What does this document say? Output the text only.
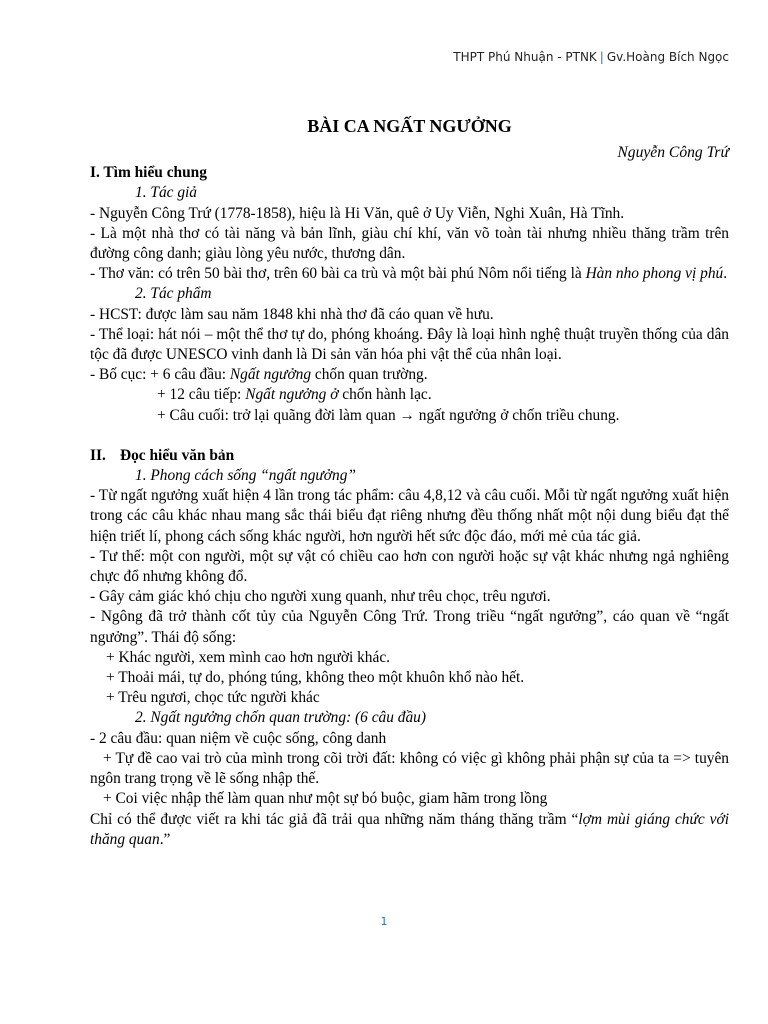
THPT Phú Nhuận - PTNK | Gv.Hoàng Bích Ngọc

BÀI CA NGẤT NGƯỞNG

Nguyễn Công Trứ

I. Tìm hiểu chung

1. Tác giả

- Nguyễn Công Trứ (1778-1858), hiệu là Hi Văn, quê ở Uy Viễn, Nghi Xuân, Hà Tĩnh.

- Là một nhà thơ có tài năng và bản lĩnh, giàu chí khí, văn võ toàn tài nhưng nhiều thăng trầm trên đường công danh; giàu lòng yêu nước, thương dân.

- Thơ văn: có trên 50 bài thơ, trên 60 bài ca trù và một bài phú Nôm nổi tiếng là Hàn nho phong vị phú.

2. Tác phẩm

- HCST: được làm sau năm 1848 khi nhà thơ đã cáo quan về hưu.

- Thể loại: hát nói – một thể thơ tự do, phóng khoáng. Đây là loại hình nghệ thuật truyền thống của dân tộc đã được UNESCO vinh danh là Di sản văn hóa phi vật thể của nhân loại.

- Bố cục: + 6 câu đầu: Ngất ngưởng chốn quan trường.

+ 12 câu tiếp: Ngất ngưởng ở chốn hành lạc.

+ Câu cuối: trở lại quãng đời làm quan → ngất ngưởng ở chốn triều chung.

II. Đọc hiểu văn bản

1. Phong cách sống “ngất ngưởng”

- Từ ngất ngưởng xuất hiện 4 lần trong tác phẩm: câu 4,8,12 và câu cuối. Mỗi từ ngất ngưởng xuất hiện trong các câu khác nhau mang sắc thái biểu đạt riêng nhưng đều thống nhất một nội dung biểu đạt thể hiện triết lí, phong cách sống khác người, hơn người hết sức độc đáo, mới mẻ của tác giả.

- Tư thế: một con người, một sự vật có chiều cao hơn con người hoặc sự vật khác nhưng ngả nghiêng chực đổ nhưng không đổ.

- Gây cảm giác khó chịu cho người xung quanh, như trêu chọc, trêu ngươi.

- Ngông đã trở thành cốt tủy của Nguyễn Công Trứ. Trong triều “ngất ngưởng”, cáo quan về “ngất ngưởng”. Thái độ sống:

+ Khác người, xem mình cao hơn người khác.

+ Thoải mái, tự do, phóng túng, không theo một khuôn khổ nào hết.

+ Trêu ngươi, chọc tức người khác

2. Ngất ngưởng chốn quan trường: (6 câu đầu)

- 2 câu đầu: quan niệm về cuộc sống, công danh

+ Tự đề cao vai trò của mình trong cõi trời đất: không có việc gì không phải phận sự của ta => tuyên ngôn trang trọng về lẽ sống nhập thế.

+ Coi việc nhập thế làm quan như một sự bó buộc, giam hãm trong lồng

Chỉ có thể được viết ra khi tác giả đã trải qua những năm tháng thăng trầm “lợm mùi giáng chức với thăng quan.”

1
